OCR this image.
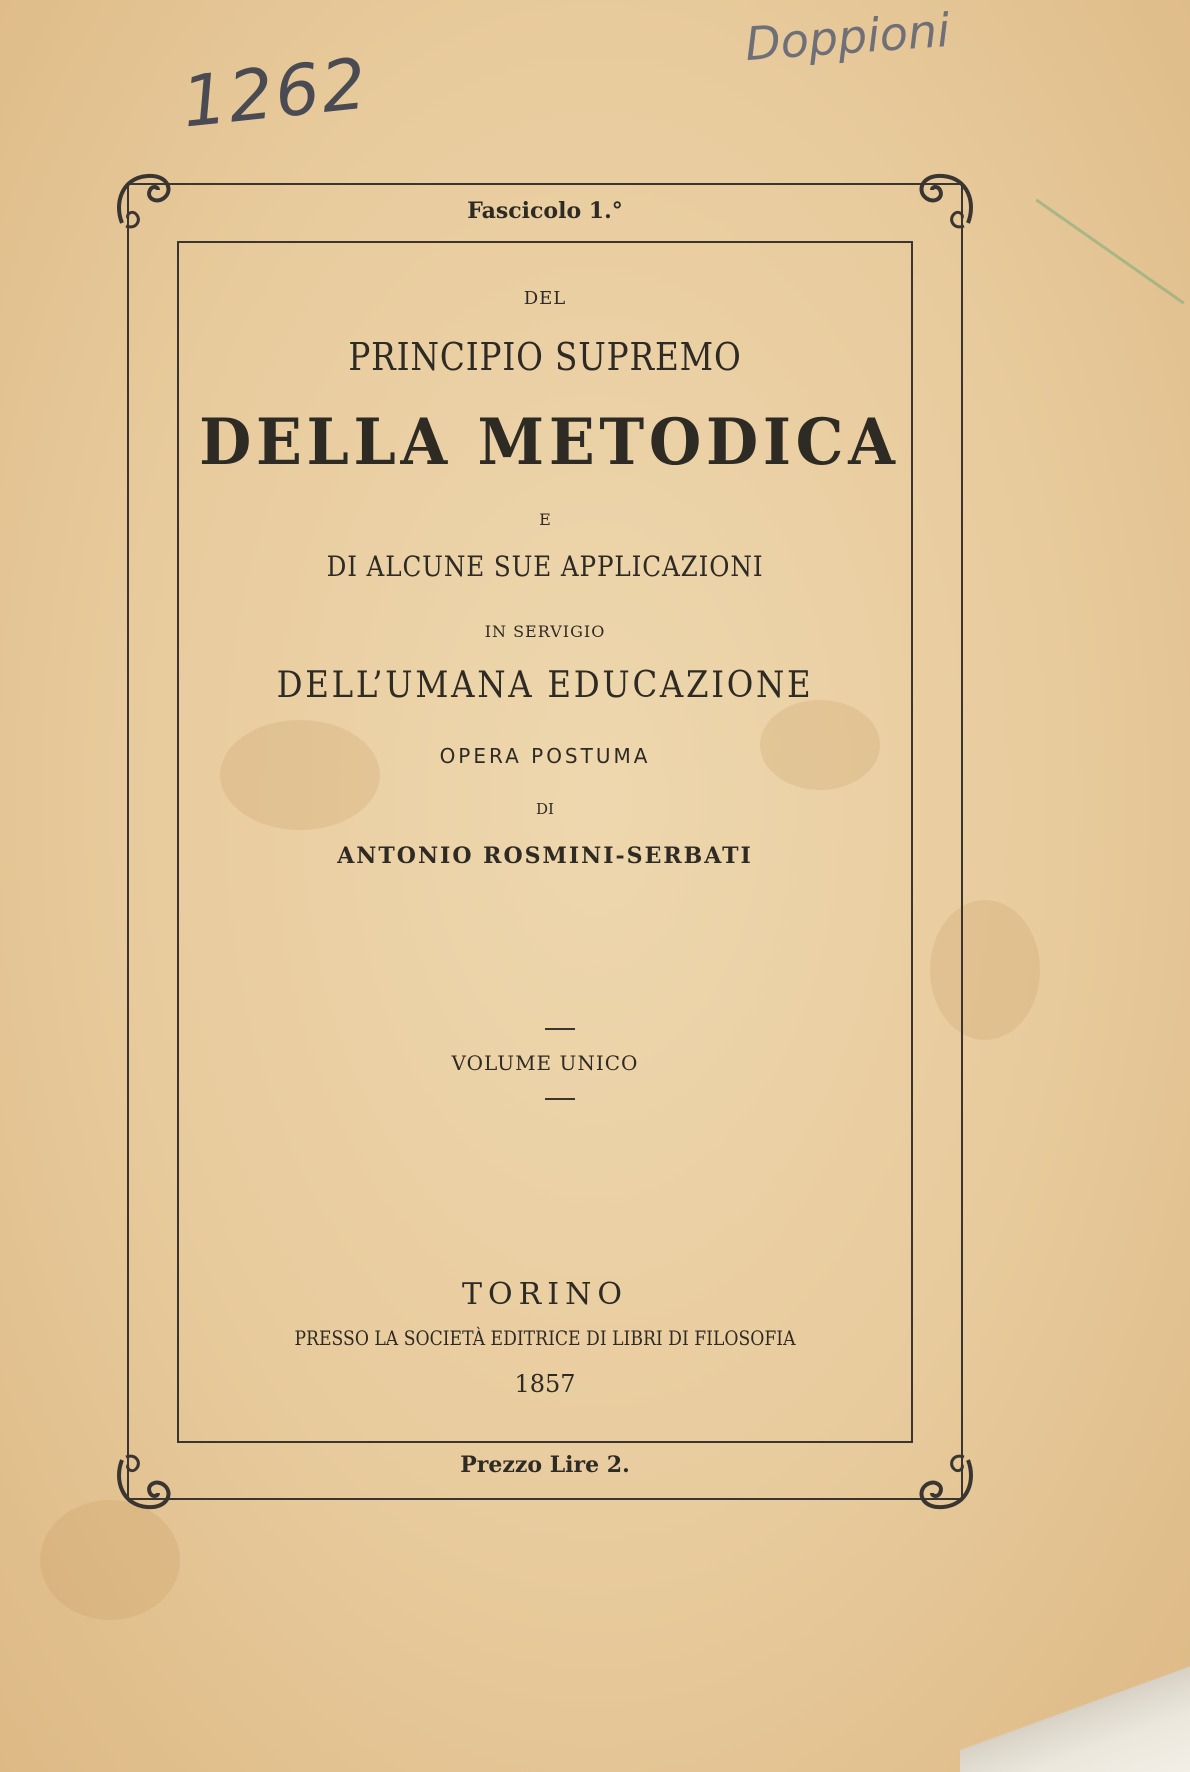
1262
Doppioni
Fascicolo 1.°
DEL
PRINCIPIO SUPREMO
DELLA METODICA
E
DI ALCUNE SUE APPLICAZIONI
IN SERVIGIO
DELL’UMANA EDUCAZIONE
OPERA POSTUMA
DI
ANTONIO ROSMINI-SERBATI
VOLUME UNICO
TORINO
PRESSO LA SOCIETÀ EDITRICE DI LIBRI DI FILOSOFIA
1857
Prezzo Lire 2.
